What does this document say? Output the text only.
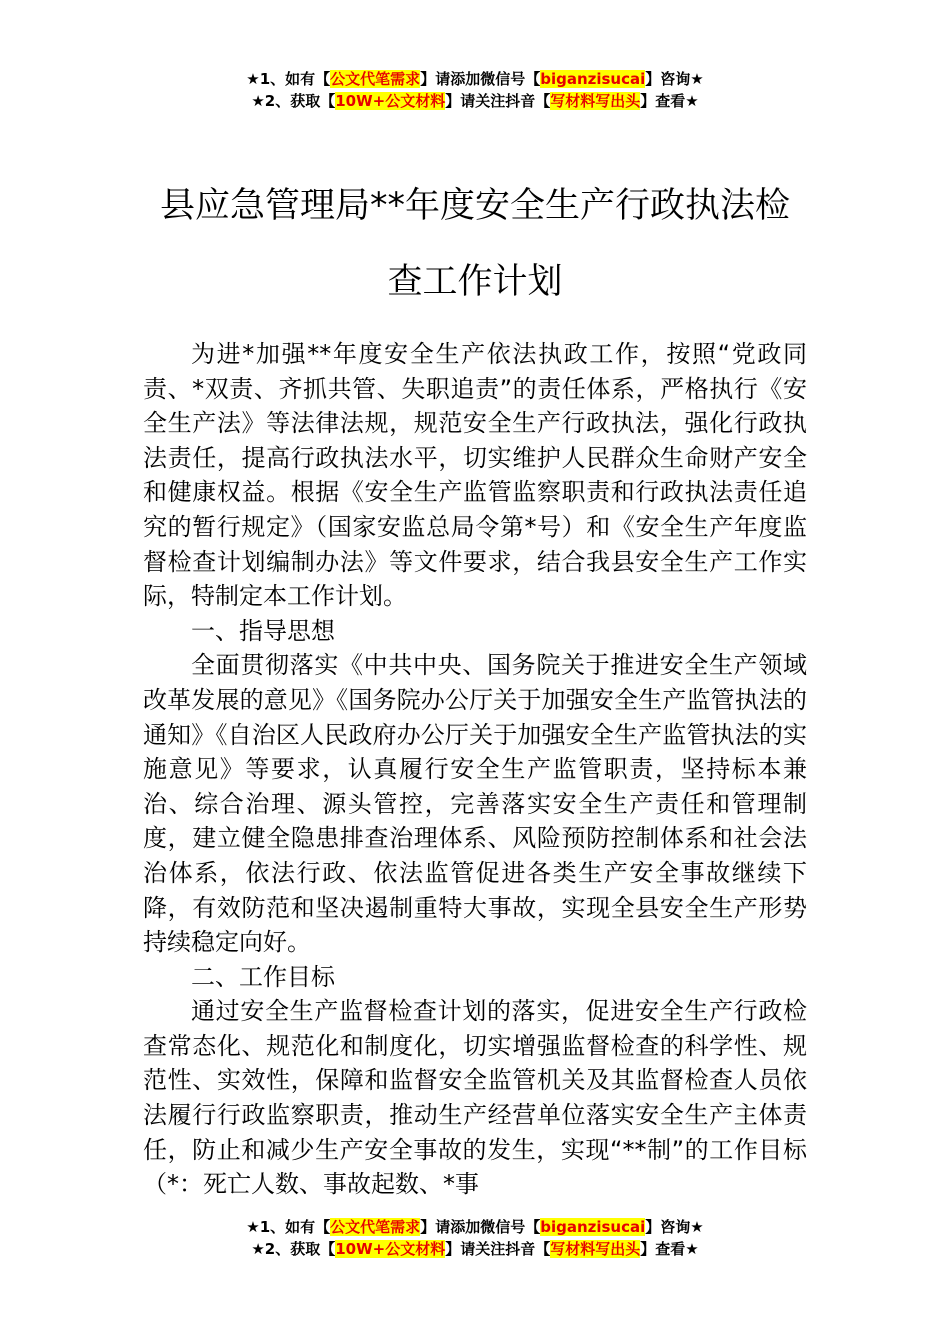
★1、如有【公文代笔需求】请添加微信号【biganzisucai】咨询★
★2、获取【10W+公文材料】请关注抖音【写材料写出头】查看★
县应急管理局**年度安全生产行政执法检
查工作计划

为进*加强**年度安全生产依法执政工作，按照“党政同责、*双责、齐抓共管、失职追责”的责任体系，严格执行《安全生产法》等法律法规，规范安全生产行政执法，强化行政执法责任，提高行政执法水平，切实维护人民群众生命财产安全和健康权益。根据《安全生产监管监察职责和行政执法责任追究的暂行规定》（国家安监总局令第*号）和《安全生产年度监督检查计划编制办法》等文件要求，结合我县安全生产工作实际，特制定本工作计划。

一、指导思想

全面贯彻落实《中共中央、国务院关于推进安全生产领域改革发展的意见》《国务院办公厅关于加强安全生产监管执法的通知》《自治区人民政府办公厅关于加强安全生产监管执法的实施意见》等要求，认真履行安全生产监管职责，坚持标本兼治、综合治理、源头管控，完善落实安全生产责任和管理制度，建立健全隐患排查治理体系、风险预防控制体系和社会法治体系，依法行政、依法监管促进各类生产安全事故继续下降，有效防范和坚决遏制重特大事故，实现全县安全生产形势持续稳定向好。

二、工作目标

通过安全生产监督检查计划的落实，促进安全生产行政检查常态化、规范化和制度化，切实增强监督检查的科学性、规范性、实效性，保障和监督安全监管机关及其监督检查人员依法履行行政监察职责，推动生产经营单位落实安全生产主体责任，防止和减少生产安全事故的发生，实现“**制”的工作目标（*：死亡人数、事故起数、*事

★1、如有【公文代笔需求】请添加微信号【biganzisucai】咨询★
★2、获取【10W+公文材料】请关注抖音【写材料写出头】查看★
